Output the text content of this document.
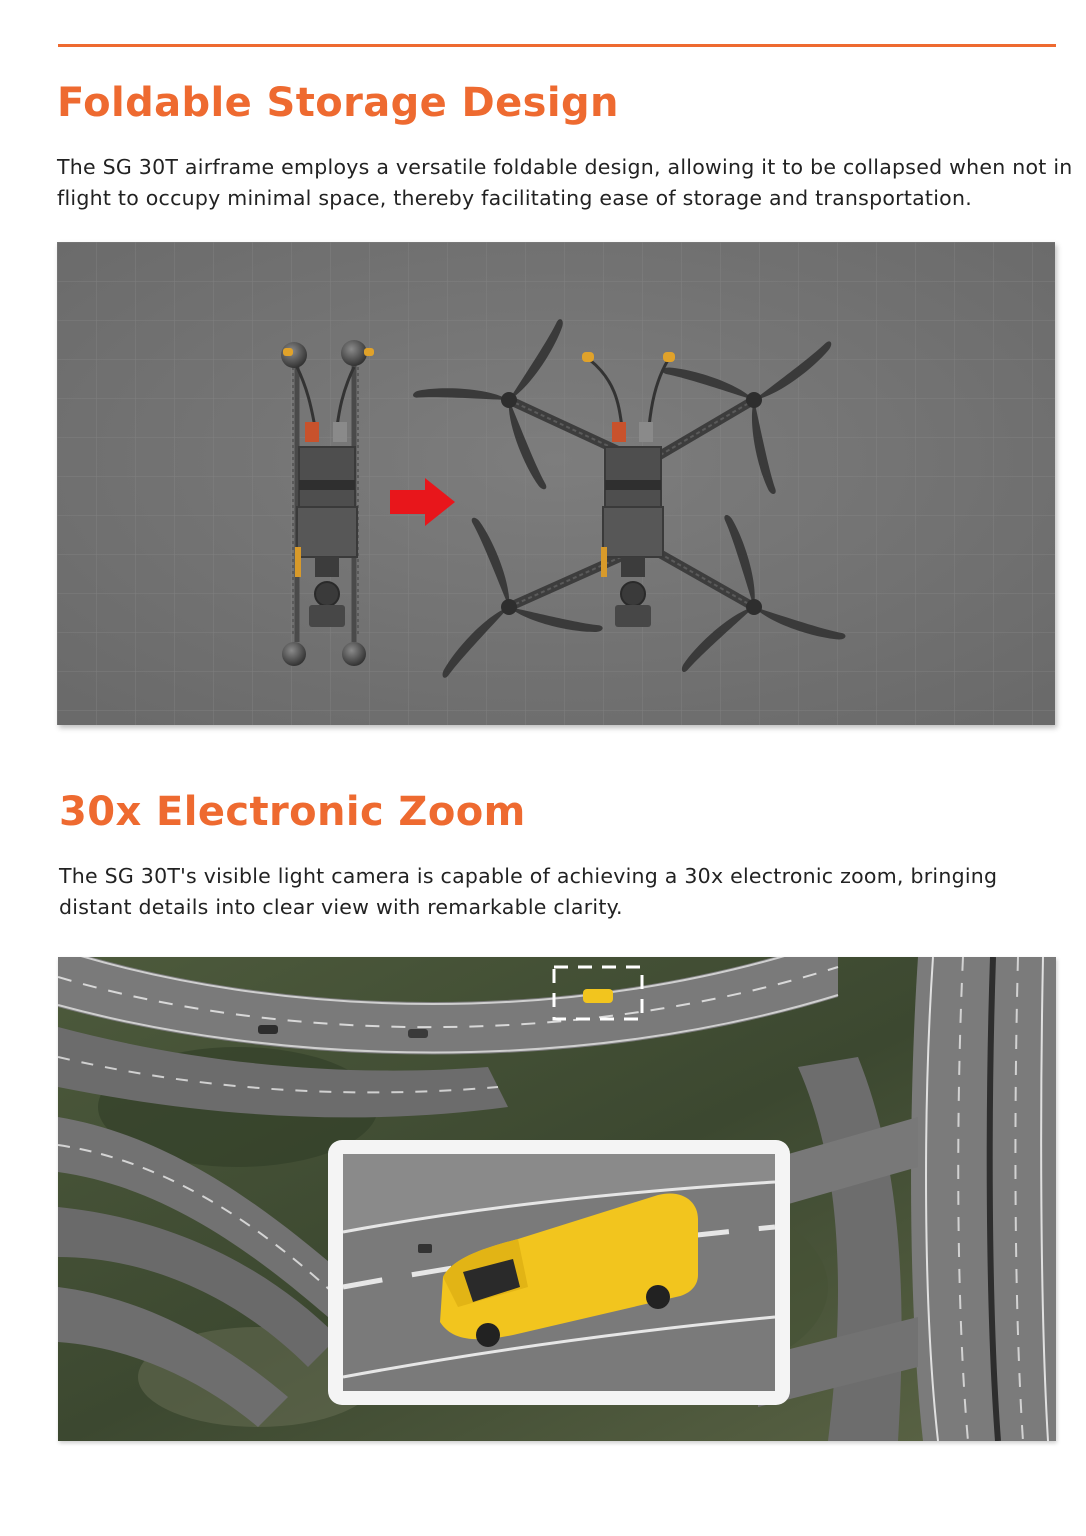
Foldable Storage Design

The SG 30T airframe employs a versatile foldable design, allowing it to be collapsed when not in flight to occupy minimal space, thereby facilitating ease of storage and transportation.

30x Electronic Zoom

The SG 30T's visible light camera is capable of achieving a 30x electronic zoom, bringing distant details into clear view with remarkable clarity.
